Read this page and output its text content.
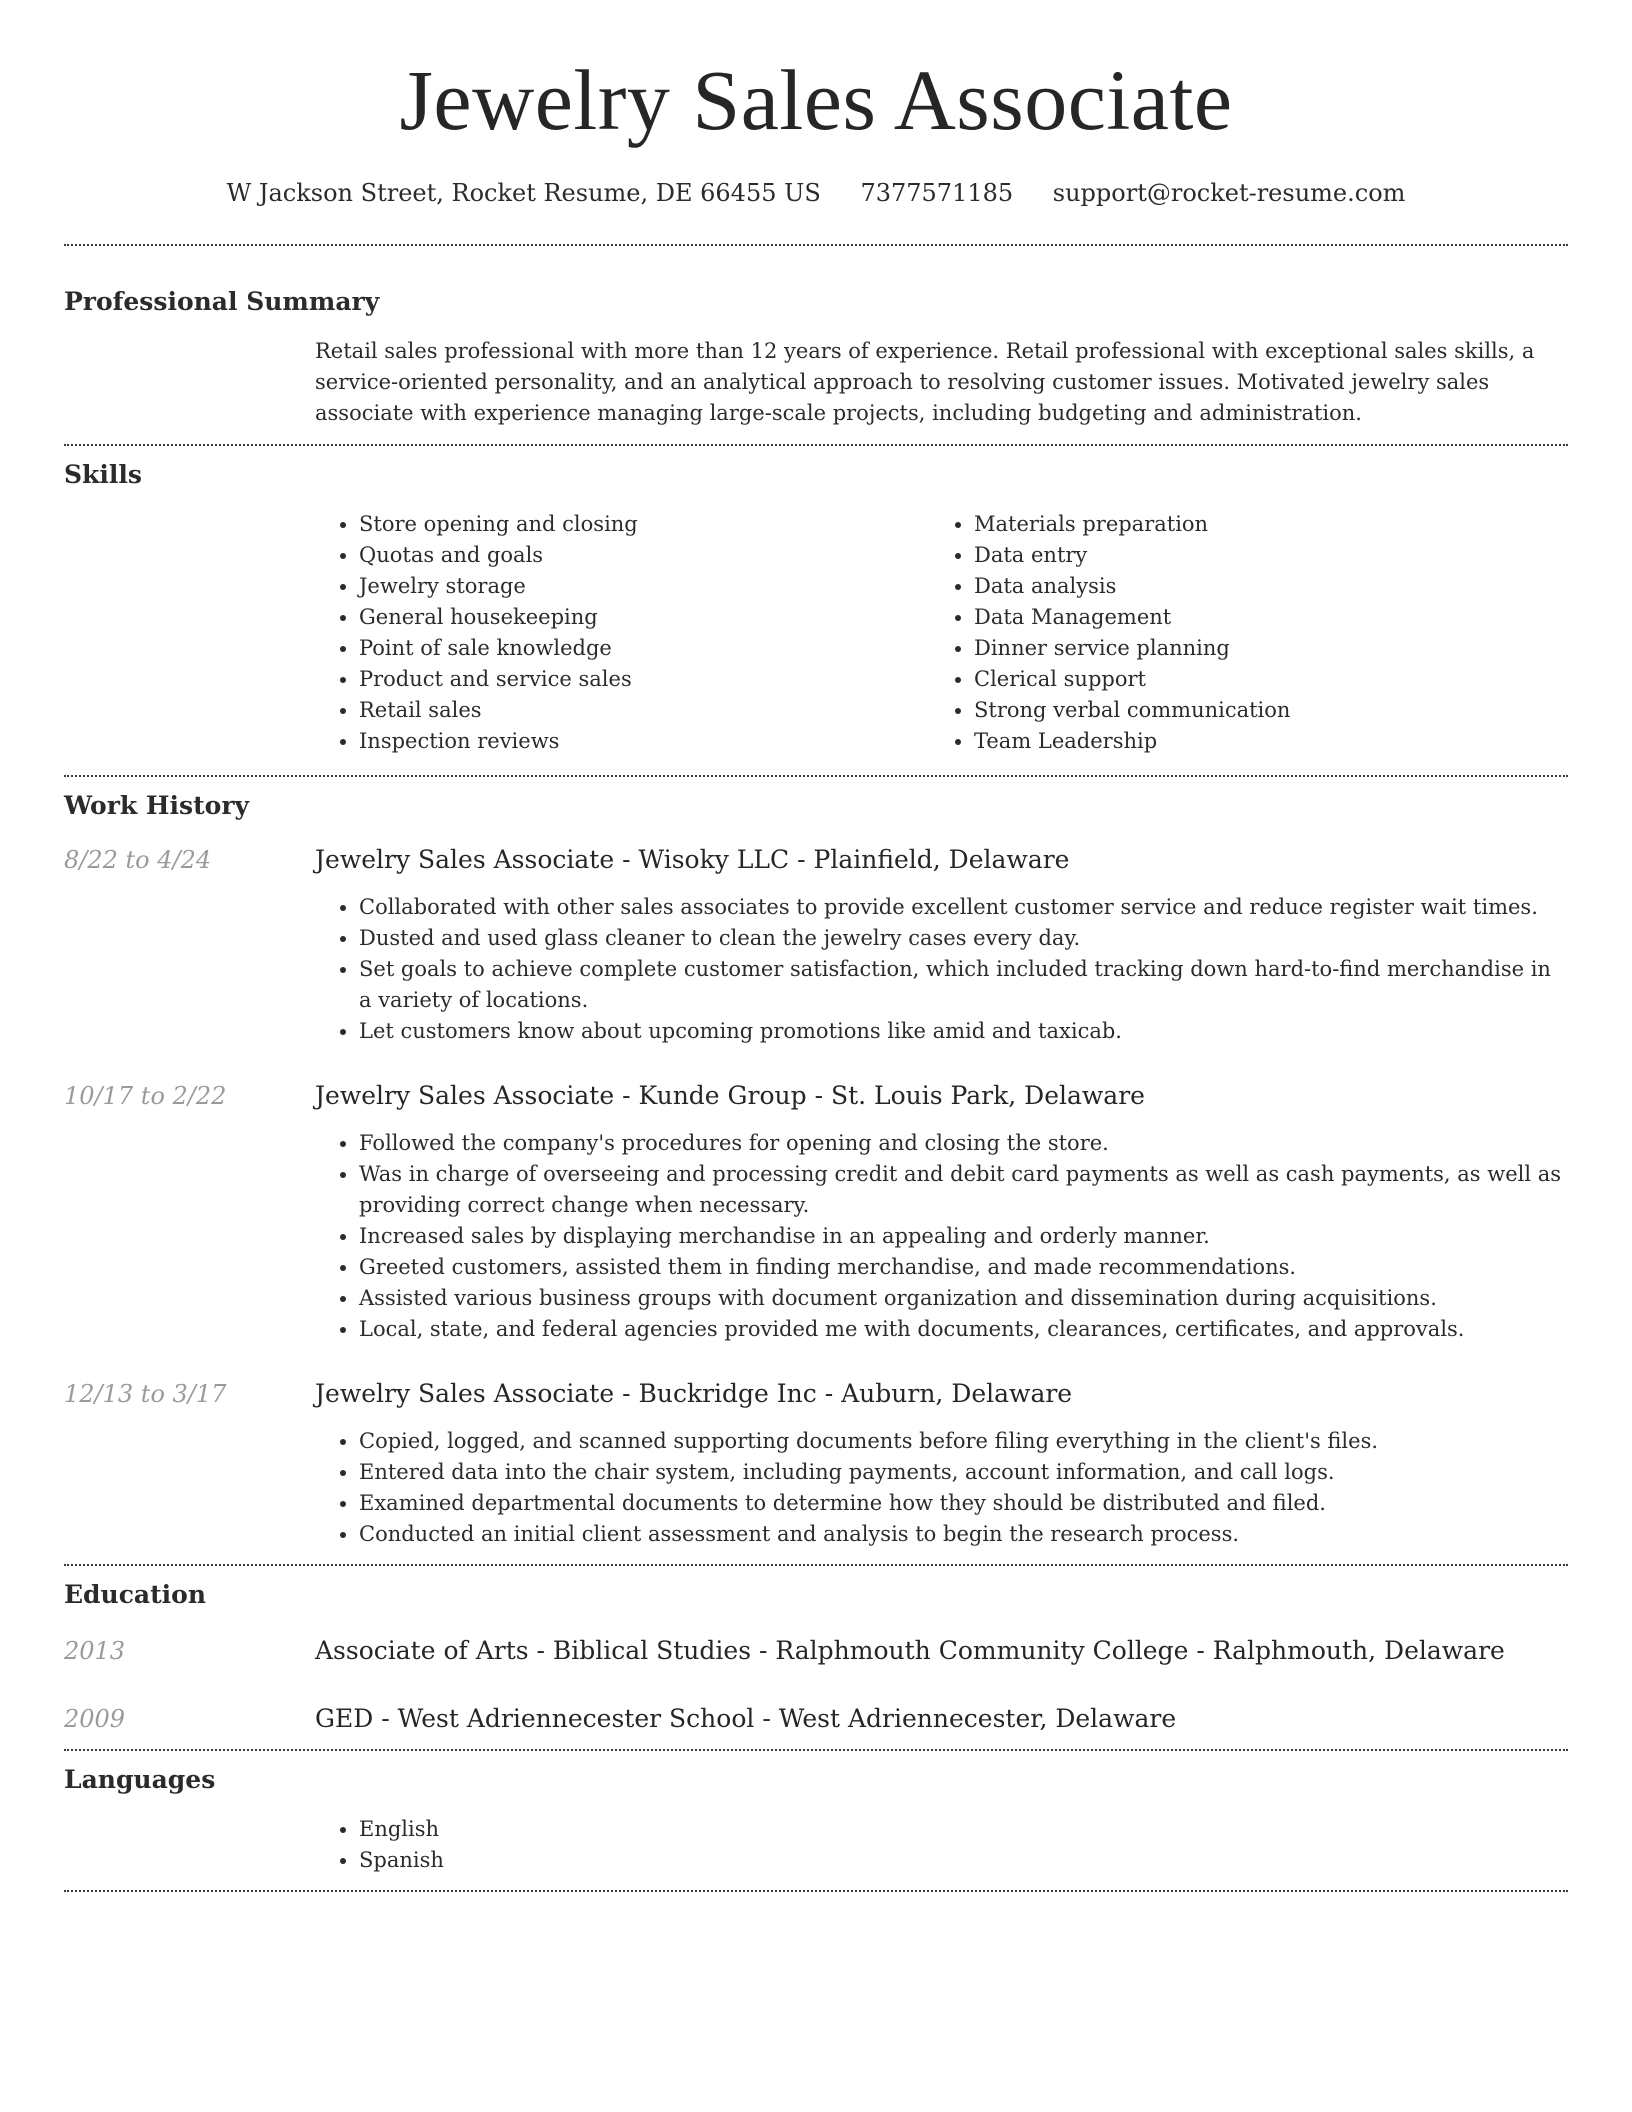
Jewelry Sales Associate
W Jackson Street, Rocket Resume, DE 66455 US 7377571185 support@rocket-resume.com
Professional Summary

Retail sales professional with more than 12 years of experience. Retail professional with exceptional sales skills, a service-oriented personality, and an analytical approach to resolving customer issues. Motivated jewelry sales associate with experience managing large-scale projects, including budgeting and administration.

Skills
• Store opening and closing
• Quotas and goals
• Jewelry storage
• General housekeeping
• Point of sale knowledge
• Product and service sales
• Retail sales
• Inspection reviews
• Materials preparation
• Data entry
• Data analysis
• Data Management
• Dinner service planning
• Clerical support
• Strong verbal communication
• Team Leadership
Work History
8/22 to 4/24	Jewelry Sales Associate - Wisoky LLC - Plainfield, Delaware
• Collaborated with other sales associates to provide excellent customer service and reduce register wait times.
• Dusted and used glass cleaner to clean the jewelry cases every day.
• Set goals to achieve complete customer satisfaction, which included tracking down hard-to-find merchandise in a variety of locations.
• Let customers know about upcoming promotions like amid and taxicab.
10/17 to 2/22	Jewelry Sales Associate - Kunde Group - St. Louis Park, Delaware
• Followed the company's procedures for opening and closing the store.
• Was in charge of overseeing and processing credit and debit card payments as well as cash payments, as well as providing correct change when necessary.
• Increased sales by displaying merchandise in an appealing and orderly manner.
• Greeted customers, assisted them in finding merchandise, and made recommendations.
• Assisted various business groups with document organization and dissemination during acquisitions.
• Local, state, and federal agencies provided me with documents, clearances, certificates, and approvals.
12/13 to 3/17	Jewelry Sales Associate - Buckridge Inc - Auburn, Delaware
• Copied, logged, and scanned supporting documents before filing everything in the client's files.
• Entered data into the chair system, including payments, account information, and call logs.
• Examined departmental documents to determine how they should be distributed and filed.
• Conducted an initial client assessment and analysis to begin the research process.
Education
2013	Associate of Arts - Biblical Studies - Ralphmouth Community College - Ralphmouth, Delaware
2009	GED - West Adriennecester School - West Adriennecester, Delaware
Languages
• English
• Spanish
